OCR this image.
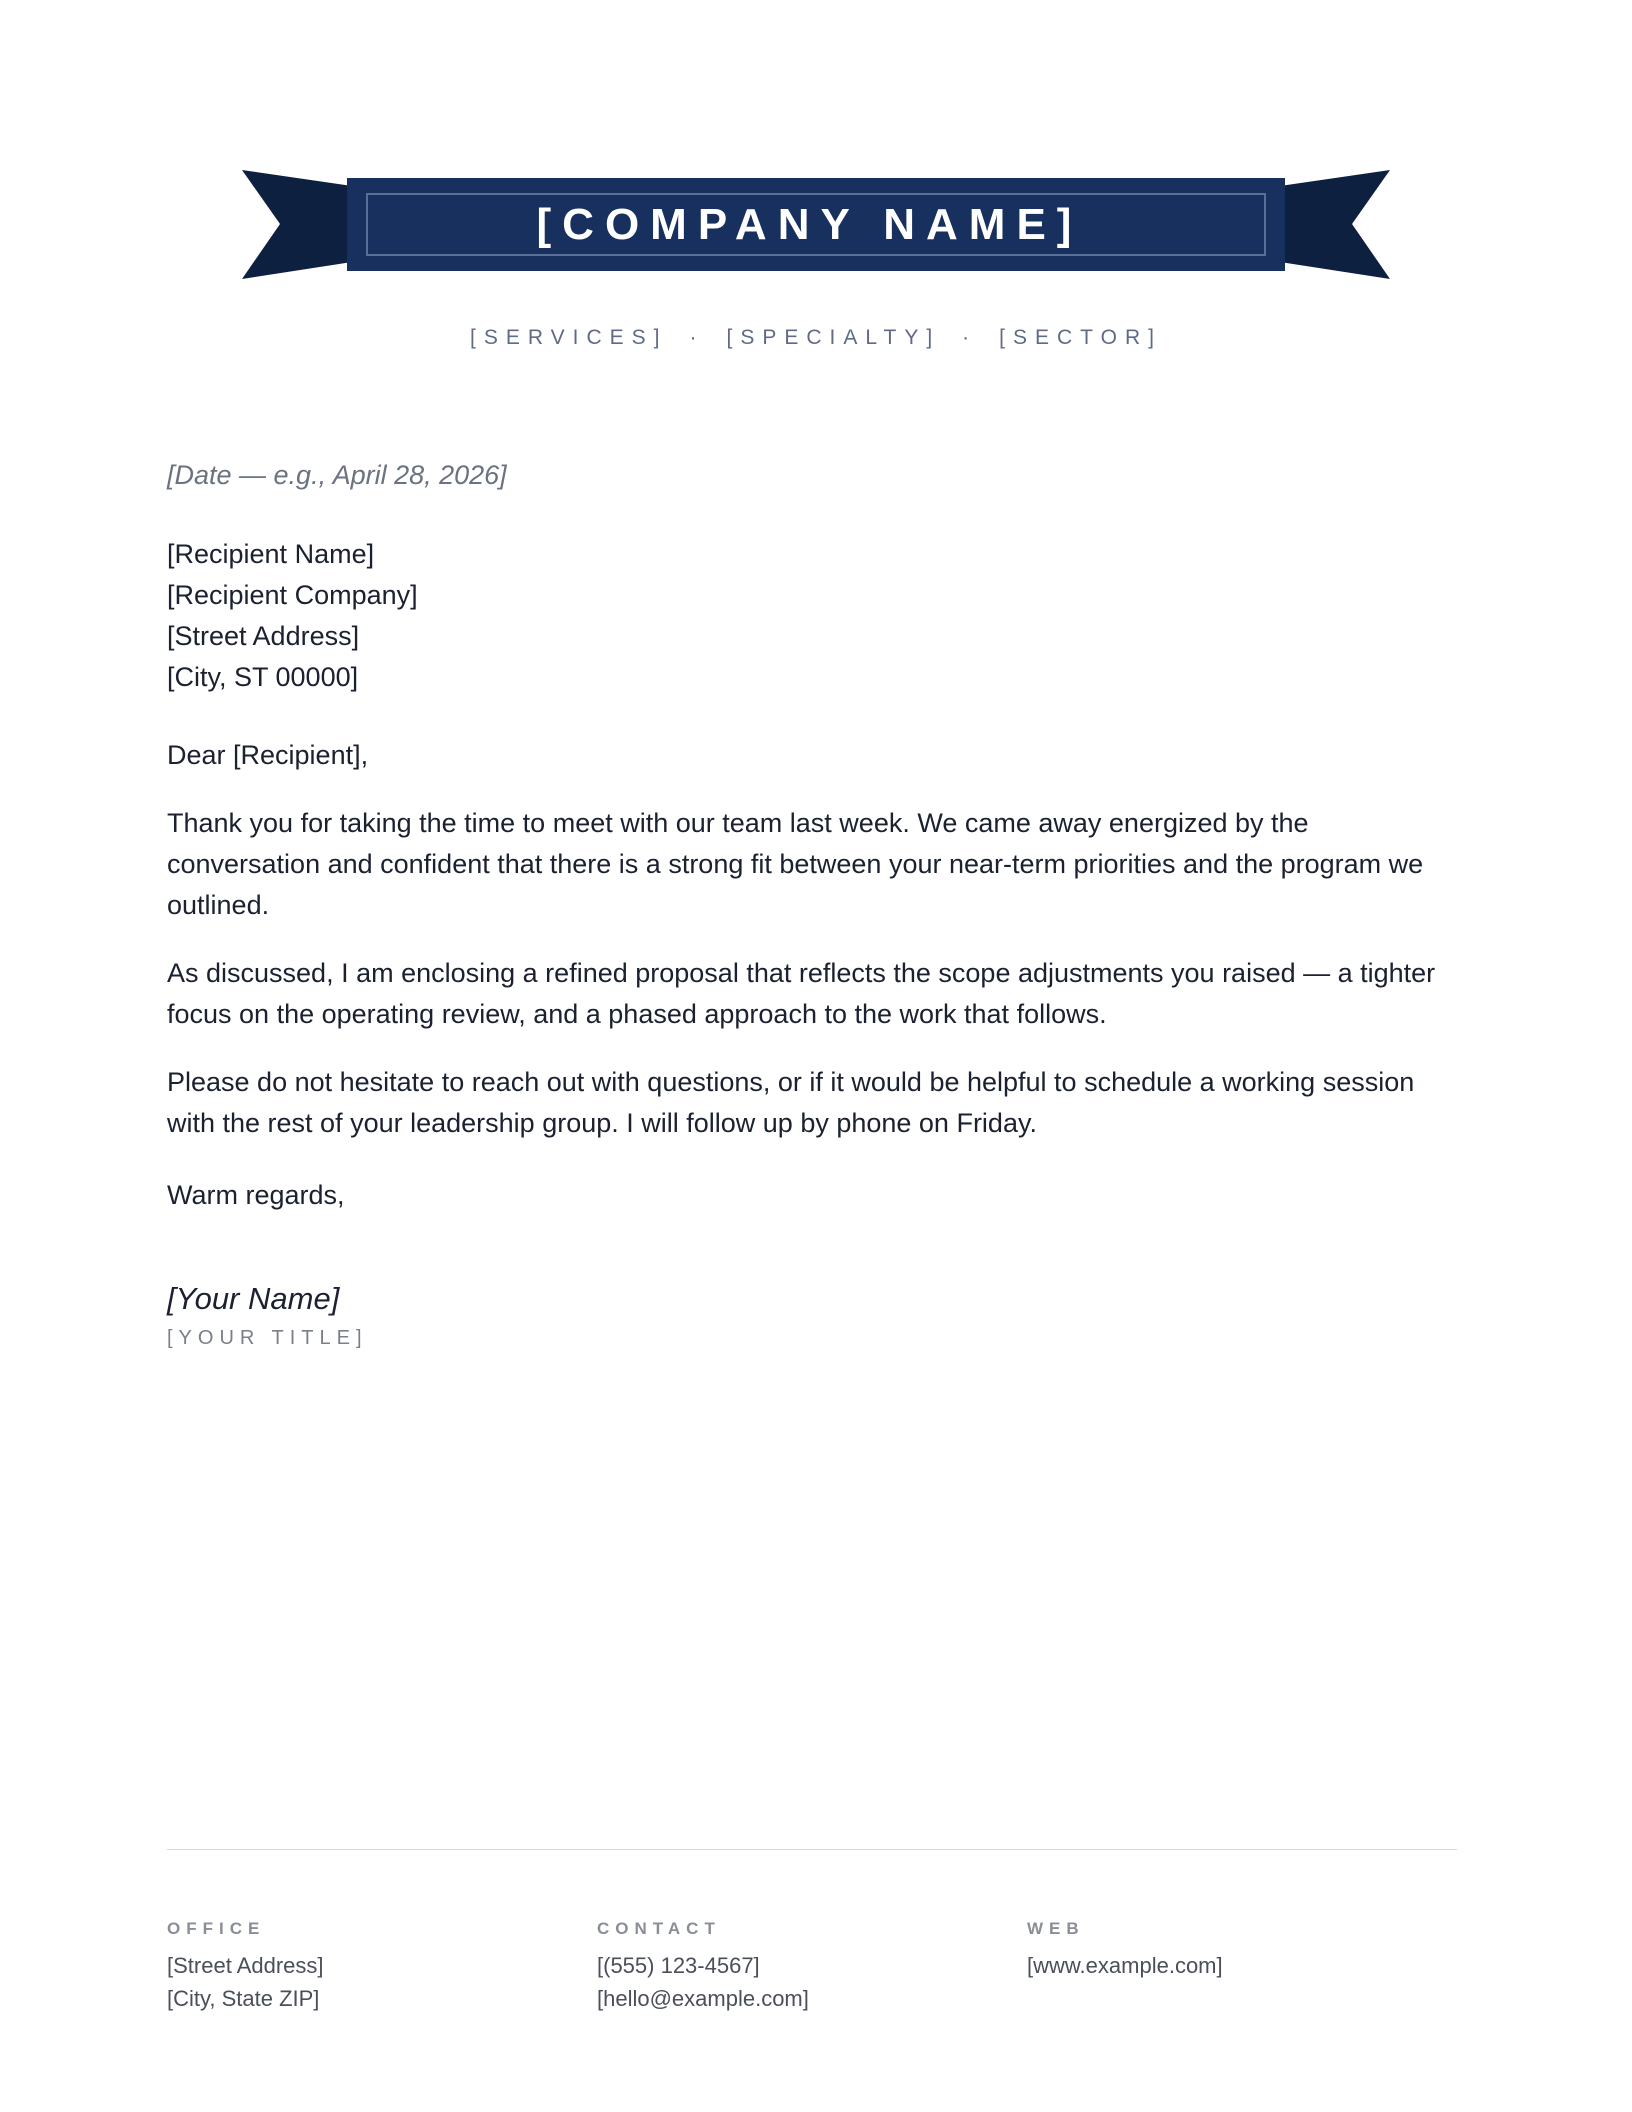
[COMPANY NAME]
[SERVICES] · [SPECIALTY] · [SECTOR]
[Date — e.g., April 28, 2026]
[Recipient Name]
[Recipient Company]
[Street Address]
[City, ST 00000]
Dear [Recipient],

Thank you for taking the time to meet with our team last week. We came away energized by the conversation and confident that there is a strong fit between your near-term priorities and the program we outlined.

As discussed, I am enclosing a refined proposal that reflects the scope adjustments you raised — a tighter focus on the operating review, and a phased approach to the work that follows.

Please do not hesitate to reach out with questions, or if it would be helpful to schedule a working session with the rest of your leadership group. I will follow up by phone on Friday.

Warm regards,
[Your Name]
[YOUR TITLE]
OFFICE
[Street Address]
[City, State ZIP]
CONTACT
[(555) 123-4567]
[hello@example.com]
WEB
[www.example.com]
